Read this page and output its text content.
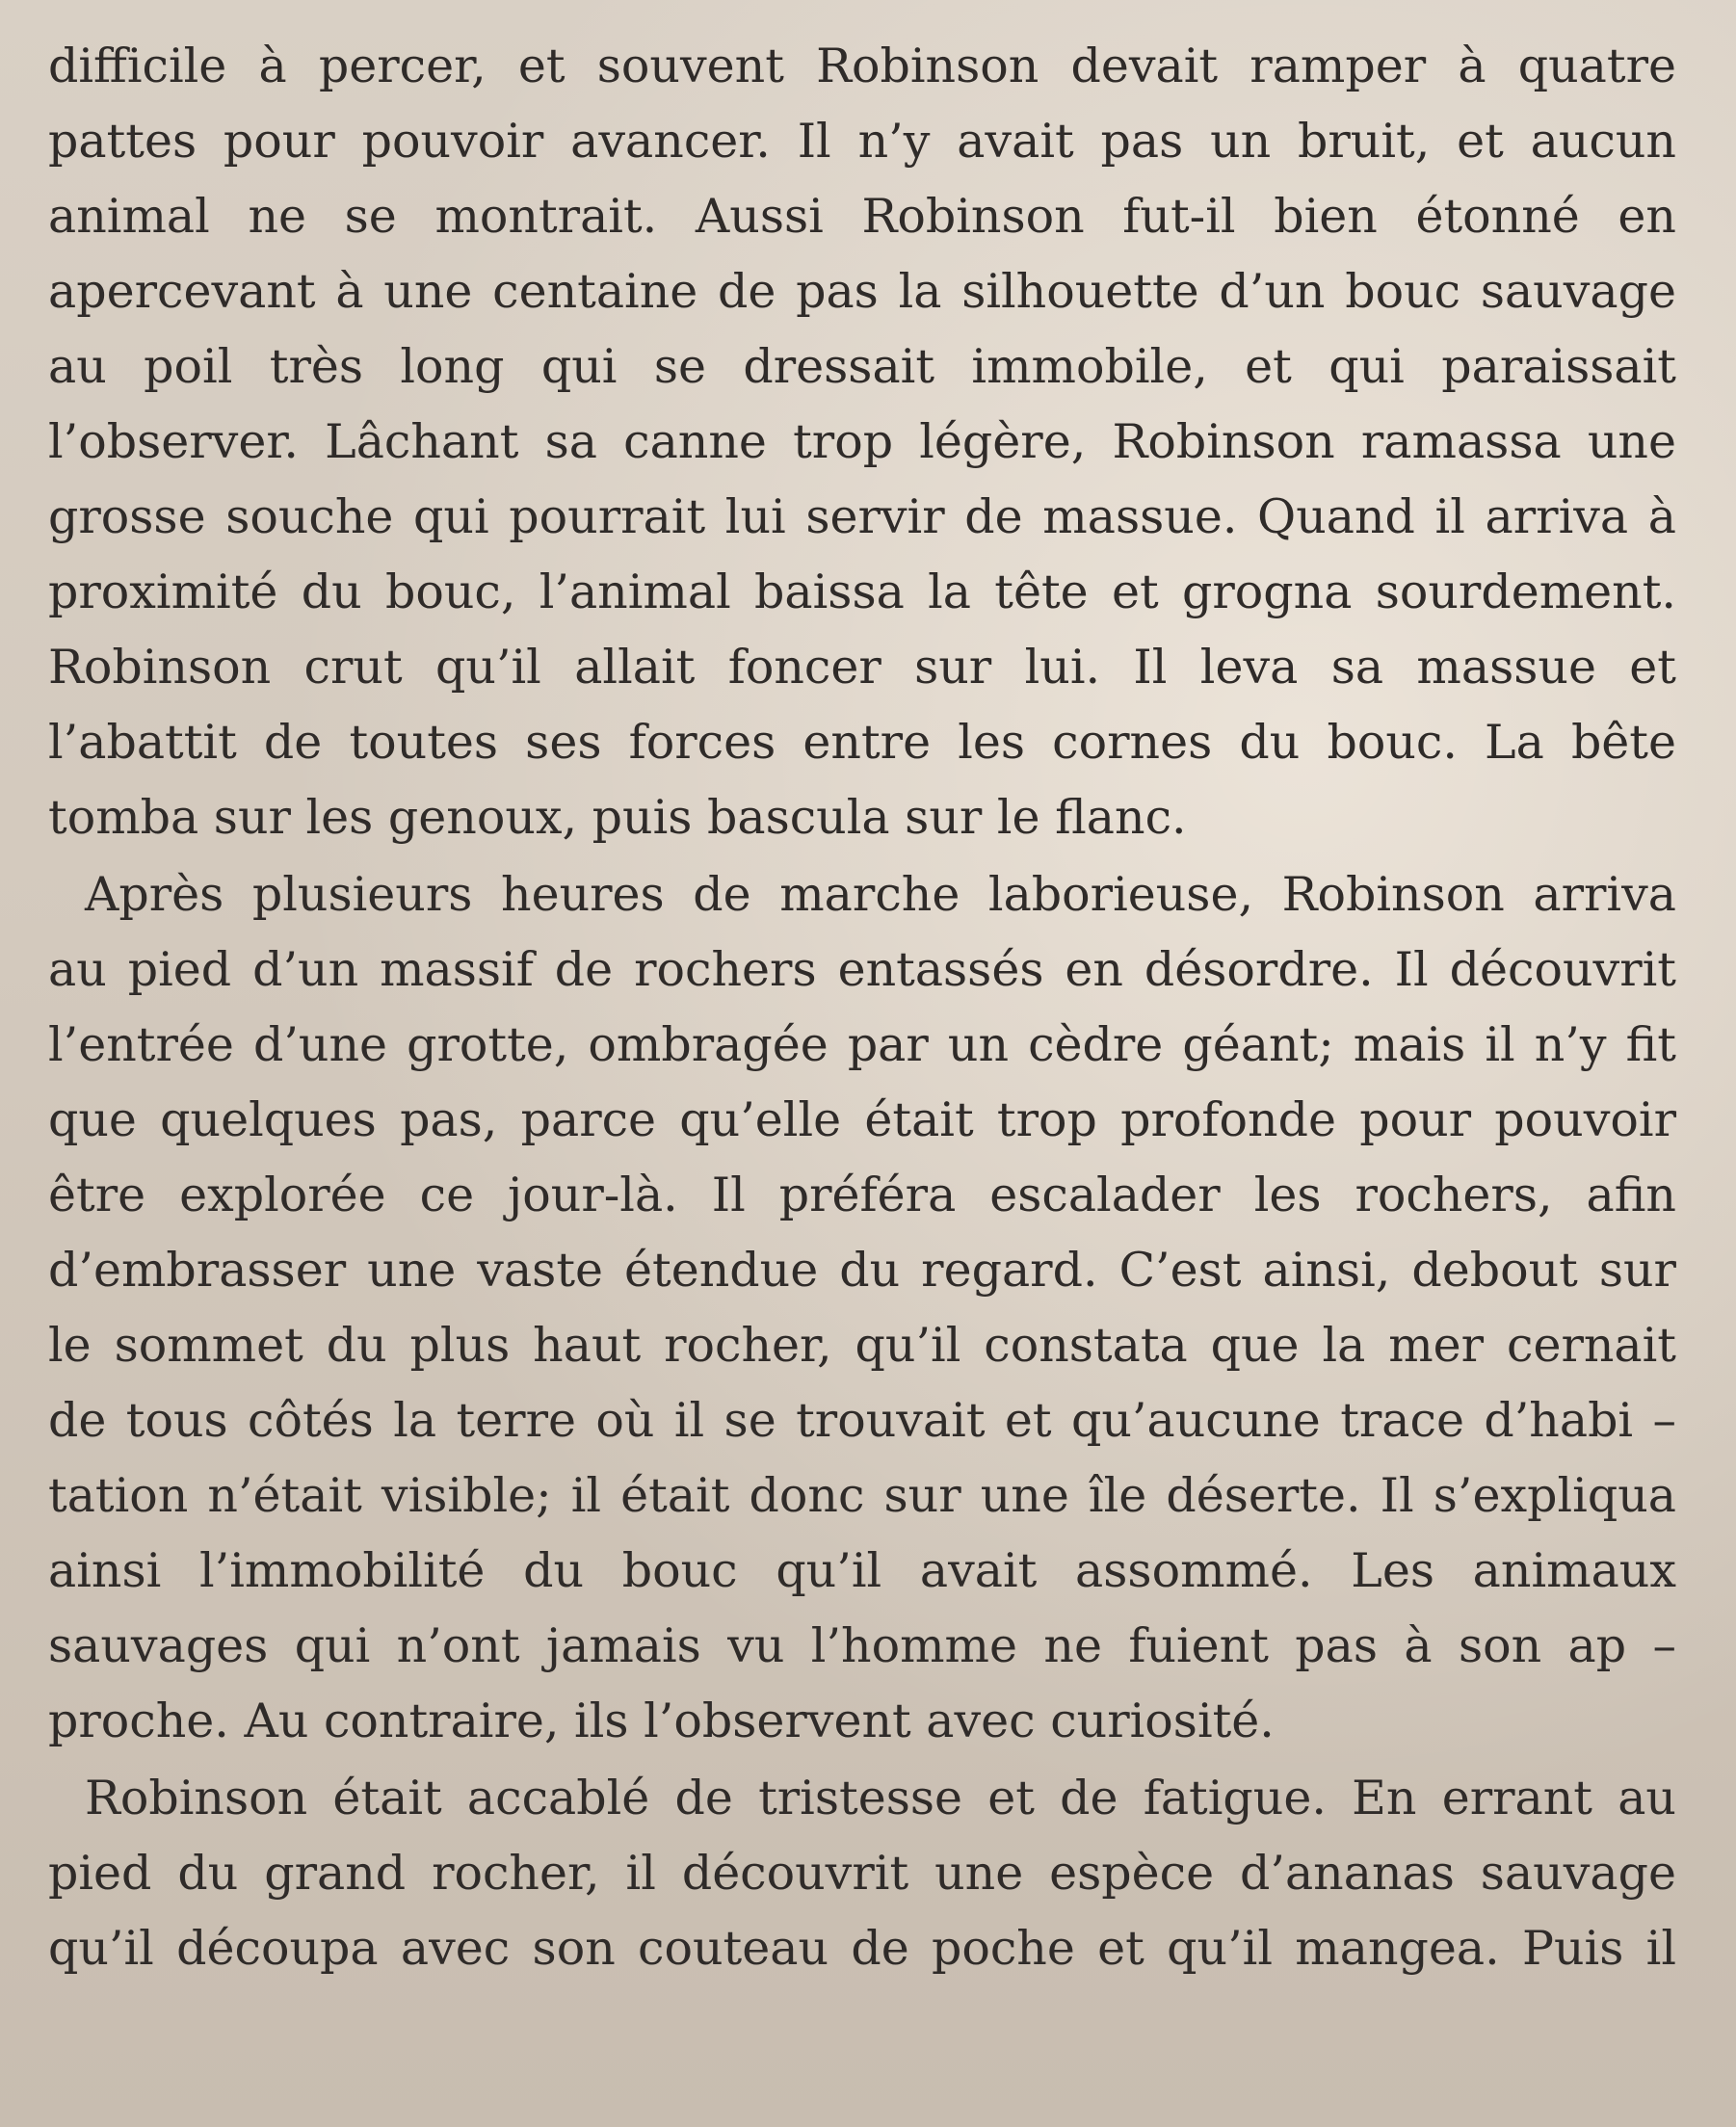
difficile à percer, et souvent Robinson devait ramper à quatre
pattes pour pouvoir avancer. Il n’y avait pas un bruit, et aucun
animal ne se montrait. Aussi Robinson fut-il bien étonné en
apercevant à une centaine de pas la silhouette d’un bouc sauvage
au poil très long qui se dressait immobile, et qui paraissait
l’observer. Lâchant sa canne trop légère, Robinson ramassa une
grosse souche qui pourrait lui servir de massue. Quand il arriva à
proximité du bouc, l’animal baissa la tête et grogna sourdement.
Robinson crut qu’il allait foncer sur lui. Il leva sa massue et
l’abattit de toutes ses forces entre les cornes du bouc. La bête
tomba sur les genoux, puis bascula sur le flanc.
Après plusieurs heures de marche laborieuse, Robinson arriva
au pied d’un massif de rochers entassés en désordre. Il découvrit
l’entrée d’une grotte, ombragée par un cèdre géant; mais il n’y fit
que quelques pas, parce qu’elle était trop profonde pour pouvoir
être explorée ce jour-là. Il préféra escalader les rochers, afin
d’embrasser une vaste étendue du regard. C’est ainsi, debout sur
le sommet du plus haut rocher, qu’il constata que la mer cernait
de tous côtés la terre où il se trouvait et qu’aucune trace d’habi –
tation n’était visible; il était donc sur une île déserte. Il s’expliqua
ainsi l’immobilité du bouc qu’il avait assommé. Les animaux
sauvages qui n’ont jamais vu l’homme ne fuient pas à son ap –
proche. Au contraire, ils l’observent avec curiosité.
Robinson était accablé de tristesse et de fatigue. En errant au
pied du grand rocher, il découvrit une espèce d’ananas sauvage
qu’il découpa avec son couteau de poche et qu’il mangea. Puis il
